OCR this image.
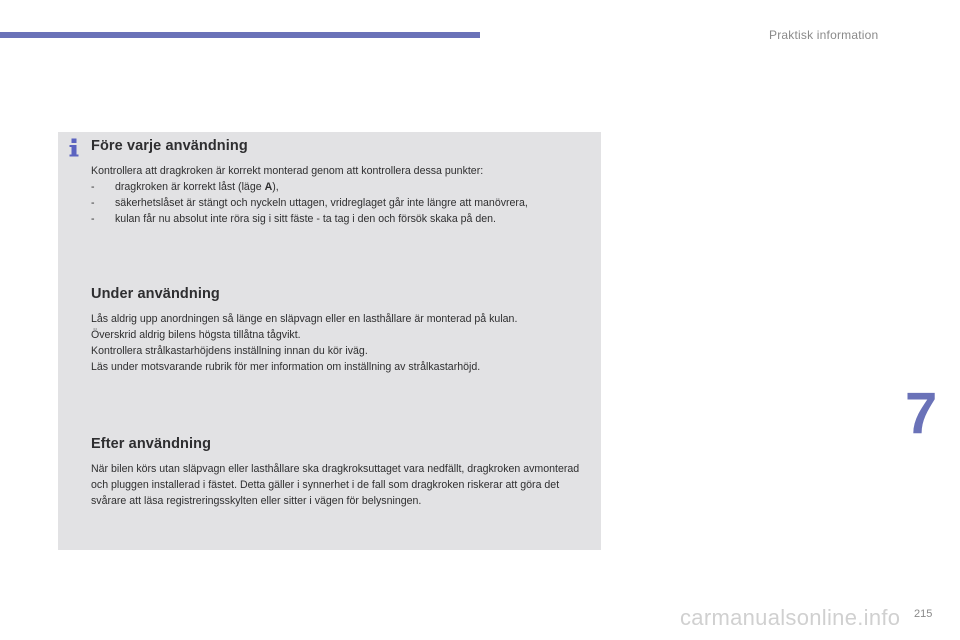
Praktisk information
Före varje användning

Kontrollera att dragkroken är korrekt monterad genom att kontrollera dessa punkter:

- dragkroken är korrekt låst (läge A),
- säkerhetslåset är stängt och nyckeln uttagen, vridreglaget går inte längre att manövrera,
- kulan får nu absolut inte röra sig i sitt fäste - ta tag i den och försök skaka på den.
Under användning

Lås aldrig upp anordningen så länge en släpvagn eller en lasthållare är monterad på kulan.

Överskrid aldrig bilens högsta tillåtna tågvikt.

Kontrollera strålkastarhöjdens inställning innan du kör iväg.

Läs under motsvarande rubrik för mer information om inställning av strålkastarhöjd.

Efter användning

När bilen körs utan släpvagn eller lasthållare ska dragkroksuttaget vara nedfällt, dragkroken avmonterad och pluggen installerad i fästet. Detta gäller i synnerhet i de fall som dragkroken riskerar att göra det svårare att läsa registreringsskylten eller sitter i vägen för belysningen.

7
carmanualsonline.info 215
